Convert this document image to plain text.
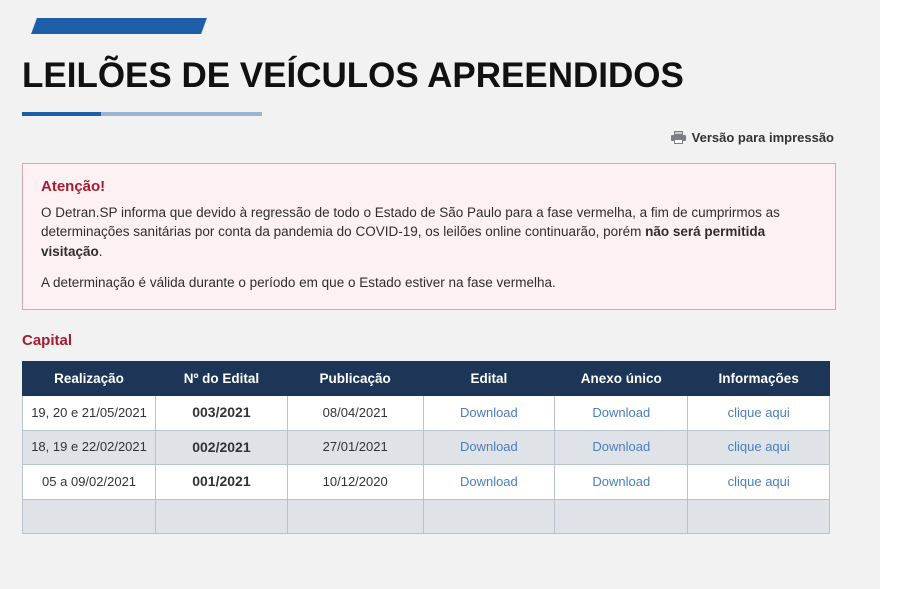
LEILÕES DE VEÍCULOS APREENDIDOS
Versão para impressão
Atenção!
O Detran.SP informa que devido à regressão de todo o Estado de São Paulo para a fase vermelha, a fim de cumprirmos as determinações sanitárias por conta da pandemia do COVID-19, os leilões online continuarão, porém não será permitida visitação.
A determinação é válida durante o período em que o Estado estiver na fase vermelha.
Capital
Realização	Nº do Edital	Publicação	Edital	Anexo único	Informações
19, 20 e 21/05/2021	003/2021	08/04/2021	Download	Download	clique aqui
18, 19 e 22/02/2021	002/2021	27/01/2021	Download	Download	clique aqui
05 a 09/02/2021	001/2021	10/12/2020	Download	Download	clique aqui
